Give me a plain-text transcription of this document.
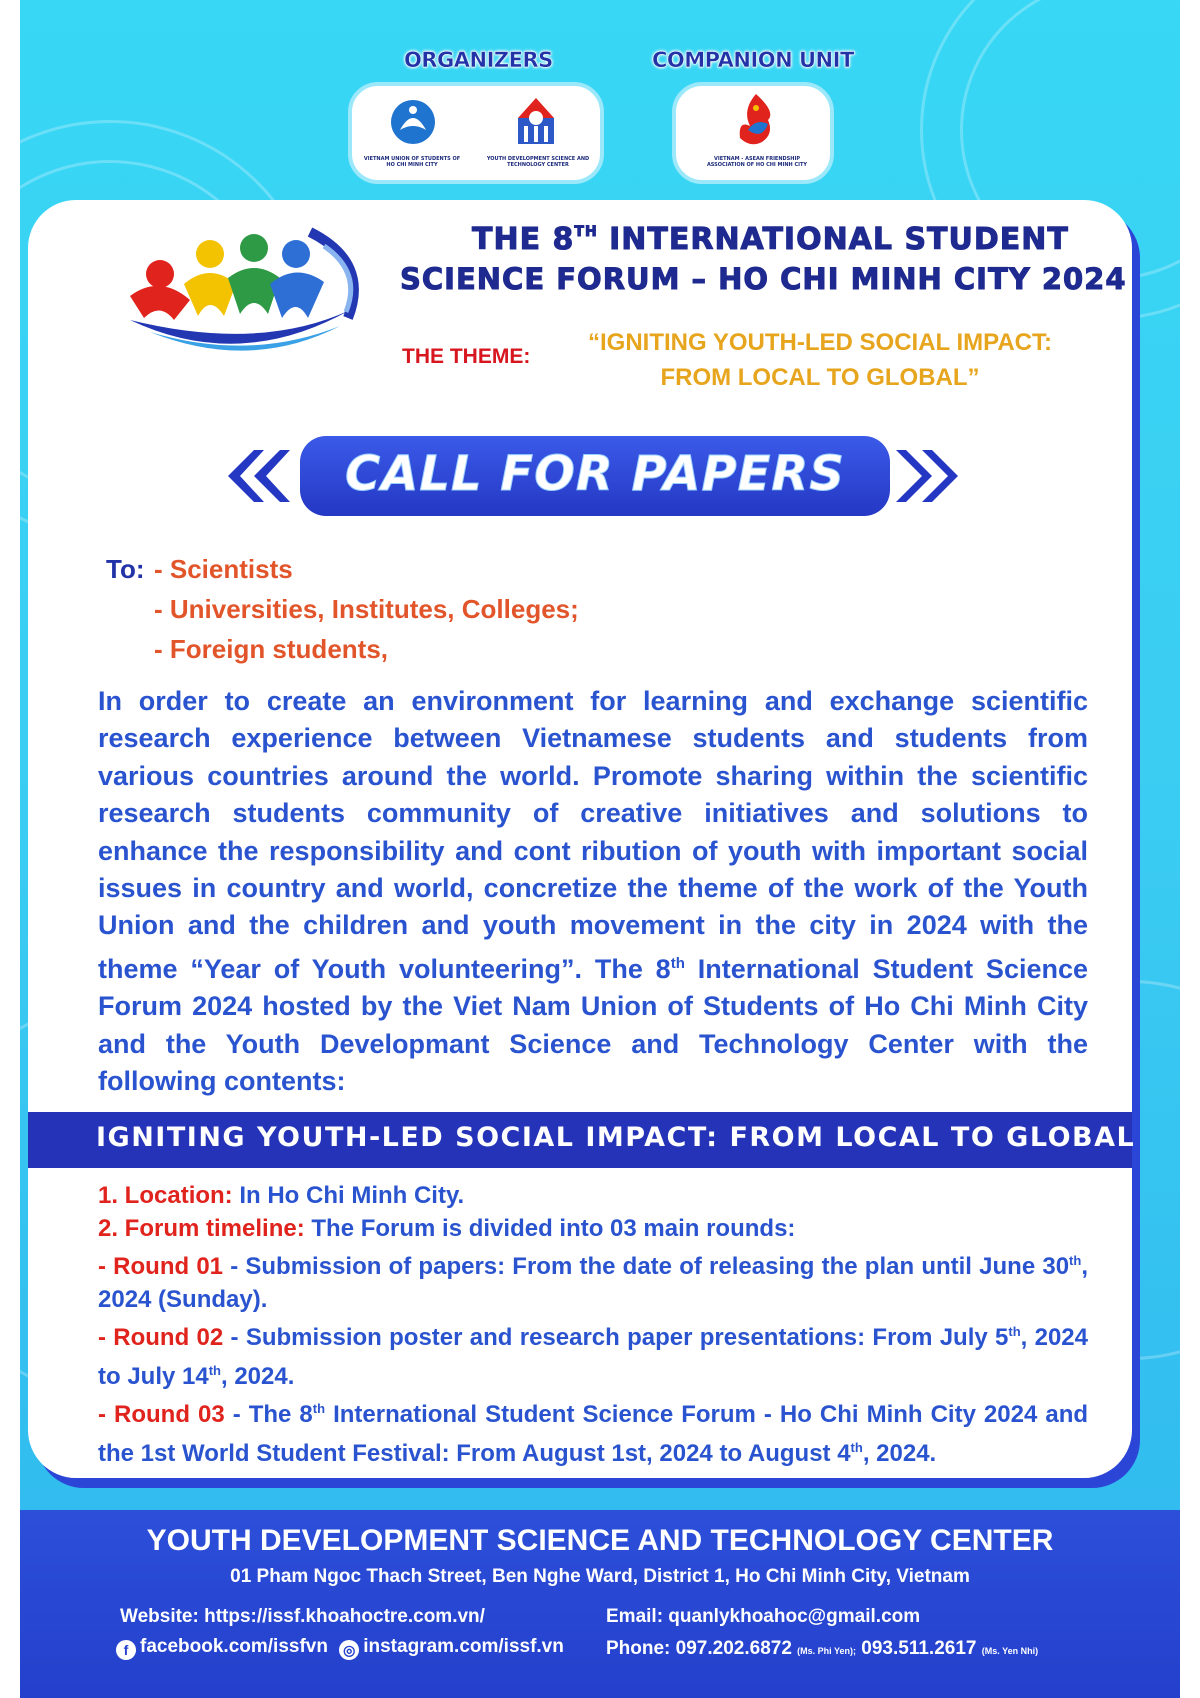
ORGANIZERS
VIETNAM UNION OF STUDENTS OF HO CHI MINH CITY
YOUTH DEVELOPMENT SCIENCE AND TECHNOLOGY CENTER
COMPANION UNIT
VIETNAM - ASEAN FRIENDSHIP ASSOCIATION OF HO CHI MINH CITY
THE 8TH INTERNATIONAL STUDENT
SCIENCE FORUM – HO CHI MINH CITY 2024
THE THEME:
“IGNITING YOUTH-LED SOCIAL IMPACT:
FROM LOCAL TO GLOBAL”
CALL FOR PAPERS
To: - Scientists
- Universities, Institutes, Colleges;
- Foreign students,
In order to create an environment for learning and exchange scientific research experience between Vietnamese students and students from various countries around the world. Promote sharing within the scientific research students community of creative initiatives and solutions to enhance the responsibility and cont ribution of youth with important social issues in country and world, concretize the theme of the work of the Youth Union and the children and youth movement in the city in 2024 with the theme “Year of Youth volunteering”. The 8th International Student Science Forum 2024 hosted by the Viet Nam Union of Students of Ho Chi Minh City and the Youth Developmant Science and Technology Center with the following contents:
IGNITING YOUTH-LED SOCIAL IMPACT: FROM LOCAL TO GLOBAL

1. Location: In Ho Chi Minh City.

2. Forum timeline: The Forum is divided into 03 main rounds:

- Round 01 - Submission of papers: From the date of releasing the plan until June 30th, 2024 (Sunday).

- Round 02 - Submission poster and research paper presentations: From July 5th, 2024 to July 14th, 2024.

- Round 03 - The 8th International Student Science Forum - Ho Chi Minh City 2024 and the 1st World Student Festival: From August 1st, 2024 to August 4th, 2024.

YOUTH DEVELOPMENT SCIENCE AND TECHNOLOGY CENTER
01 Pham Ngoc Thach Street, Ben Nghe Ward, District 1, Ho Chi Minh City, Vietnam
Website: https://issf.khoahoctre.com.vn/	Email: quanlykhoahoc@gmail.com
f facebook.com/issfvn ◎ instagram.com/issf.vn Phone: 097.202.6872 (Ms. Phi Yen); 093.511.2617 (Ms. Yen Nhi)
